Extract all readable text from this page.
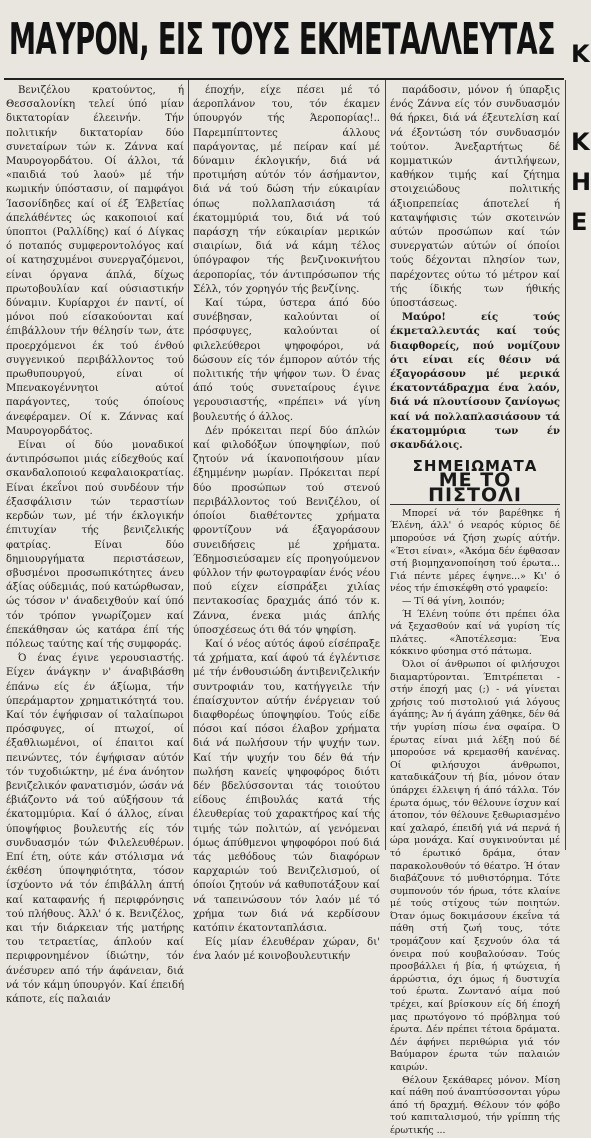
ΜΑΥΡΟΝ, ΕΙΣ ΤΟΥΣ ΕΚΜΕΤΑΛΛΕΥΤΑΣ

Βενιζέλου κρατούντος, ή Θεσσαλονίκη τελεί ύπό μίαν δικτατορίαν έλεεινήν. Τήν πολιτικήν δικτατορίαν δύο συνεταίρων τών κ. Ζάννα καί Μαυρογορδάτου. Οί άλλοι, τά «παιδιά τού λαού» μέ τήν κωμικήν ύπόστασιν, οί παμφάγοι Ίασονίδηδες καί οί έξ Έλβετίας άπελάθέντες ώς κακοποιοί καί ύποπτοι (Ραλλίδης) καί ό Δίγκας ό ποταπός συμφεροντολόγος καί οί κατησχυμένοι συνεργαζόμενοι, είναι όργανα άπλά, δίχως πρωτοβουλίαν καί ούσιαστικήν δύναμιν. Κυρίαρχοι έν παντί, οί μόνοι πού είσακούονται καί έπιβάλλουν τήν θέλησίν των, άτε προερχόμενοι έκ τού ένθού συγγενικού περιβάλλοντος τού πρωθυπουργού, είναι οί Μπενακογέννητοι αύτοί παράγοντες, τούς όποίους άνεφέραμεν. Οί κ. Ζάννας καί Μαυρογορδάτος.

Είναι οί δύο μοναδικοί άντιπρόσωποι μιάς είδεχθούς καί σκανδαλοποιού κεφαλαιοκρατίας. Είναι έκεΐνοι πού συνδέουν τήν έξασφάλισιν τών τεραστίων κερδών των, μέ τήν έκλογικήν έπιτυχίαν τής βενιζελικής φατρίας. Είναι δύο δημιουργήματα περιστάσεων, σβυσμένοι προσωπικότητες άνευ άξίας ούδεμιάς, πού κατώρθωσαν, ώς τόσον ν' άναδειχθούν καί ύπό τόν τρόπον γνωρίζομεν καί έπεκάθησαν ώς κατάρα έπί τής πόλεως ταύτης καί τής συμφοράς.

Ό ένας έγινε γερουσιαστής. Είχεν άνάγκην ν' άναβιβάσθη έπάνω είς έν άξίωμα, τήν ύπεράμαρτον χρηματικότητά του. Καί τόν έψήφισαν οί ταλαίπωροι πρόσφυγες, οί πτωχοί, οί έξαθλιωμένοι, οί έπαιτοι καί πεινώντες, τόν έψήφισαν αύτόν τόν τυχοδιώκτην, μέ ένα άνόητον βενιζελικόν φανατισμόν, ώσάν νά έβιάζοντο νά τού αύξήσουν τά έκατομμύρια. Καί ό άλλος, είναι ύποψήφιος βουλευτής είς τόν συνδυασμόν τών Φιλελευθέρων. Επί έτη, ούτε κάν στόλισμα νά έκθέση ύποψηφιότητα, τόσον ίσχύοντο νά τόν έπιβάλλη άπτή καί καταφανής ή περιφρόνησις τού πλήθους. Άλλ' ό κ. Βενιζέλος, και τήν διάρκειαν τής ματήρης του τετραετίας, άπλούν καί περιφρονημένον ίδιώτην, τόν άνέσυρεν από τήν άφάνειαν, διά νά τόν κάμη ύπουργόν. Καί έπειδή κάποτε, είς παλαιάν

έποχήν, είχε πέσει μέ τό άεροπλάνον του, τόν έκαμεν ύπουργόν τής Άεροπορίας!.. Παρεμπίπτοντες άλλους παράγοντας, μέ πείραν καί μέ δύναμιν έκλογικήν, διά νά προτιμήση αύτόν τόν άσήμαντον, διά νά τού δώση τήν εύκαιρίαν όπως πολλαπλασιάση τά έκατομμύριά του, διά νά τού παράσχη τήν εύκαιρίαν μερικών σιαιρίων, διά νά κάμη τέλος ύπόγραφον τής βενζινοκινήτου άεροπορίας, τόν άντιπρόσωπον τής Σέλλ, τόν χορηγόν τής βενζίνης.

Καί τώρα, ύστερα άπό δύο συνέβησαν, καλούνται οί πρόσφυγες, καλούνται οί φιλελεύθεροι ψηφοφόροι, νά δώσουν είς τόν έμπορον αύτόν τής πολιτικής τήν ψήφον των. Ό ένας άπό τούς συνεταίρους έγινε γερουσιαστής, «πρέπει» νά γίνη βουλευτής ό άλλος.

Δέν πρόκειται περί δύο άπλών καί φιλοδόξων ύποψηφίων, πού ζητούν νά ίκανοποιήσουν μίαν έξημμένην μωρίαν. Πρόκειται περί δύο προσώπων τού στενού περιβάλλοντος τού Βενιζέλου, οί όποίοι διαθέτοντες χρήματα φροντίζουν νά έξαγοράσουν συνειδήσεις μέ χρήματα. Έδημοσιεύσαμεν είς προηγούμενον φύλλον τήν φωτογραφίαν ένός νέου πού είχεν είσπράξει χιλίας πεντακοσίας δραχμάς άπό τόν κ. Ζάννα, ένεκα μιάς άπλής ύποσχέσεως ότι θά τόν ψηφίση.

Καί ό νέος αύτός άφού είσέπραξε τά χρήματα, καί άφού τά έγλέντισε μέ τήν ένθουσιώδη άντιβενιζελικήν συντροφιάν του, κατήγγειλε τήν έπαίσχυντον αύτήν ένέργειαν τού διαφθορέως ύποψηφίου. Τούς είδε πόσοι καί πόσοι έλαβον χρήματα διά νά πωλήσουν τήν ψυχήν των. Καί τήν ψυχήν του δέν θά τήν πωλήση κανείς ψηφοφόρος διότι δέν βδελύσσονται τάς τοιούτου είδους έπιβουλάς κατά τής έλευθερίας τού χαρακτήρος καί τής τιμής τών πολιτών, αί γενόμεναι όμως άπύθμενοι ψηφοφόροι πού διά τάς μεθόδους τών διαφόρων καρχαριών τού Βενιζελισμού, οί όποίοι ζητούν νά καθυποτάξουν καί νά ταπεινώσουν τόν λαόν μέ τό χρήμα των διά νά κερδίσουν κατόπιν έκατονταπλάσια.

Είς μίαν έλευθέραν χώραν, δι' ένα λαόν μέ κοινοβουλευτικήν

παράδοσιν, μόνον ή ύπαρξις ένός Ζάννα είς τόν συνδυασμόν θά ήρκει, διά νά έξευτελίση καί νά έξοντώση τόν συνδυασμόν τούτον. Άνεξαρτήτως δέ κομματικών άντιλήψεων, καθήκον τιμής καί ζήτημα στοιχειώδους πολιτικής άξιοπρεπείας άποτελεί ή καταψήφισις τών σκοτεινών αύτών προσώπων καί τών συνεργατών αύτών οί όποίοι τούς δέχονται πλησίον των, παρέχοντες ούτω τό μέτρον καί τής ίδικής των ήθικής ύποστάσεως.

Μαύρο! είς τούς έκμεταλλευτάς καί τούς διαφθορείς, πού νομίζουν ότι είναι είς θέσιν νά έξαγοράσουν μέ μερικά έκατοντάδραχμα ένα λαόν, διά νά πλουτίσουν ζανίογως καί νά πολλαπλασιάσουν τά έκατομμύρια των έν σκανδάλοις.

ΣΗΜΕΙΩΜΑΤΑ
ΜΕ ΤΟ ΠΙΣΤΟΛΙ

Μπορεί νά τόν βαρέθηκε ή Έλένη, άλλ' ό νεαρός κύριος δέ μπορούσε νά ζήση χωρίς αύτήν. «Έτσι είναι», «Άκόμα δέν έφθασαν στή βιομηχανοποίηση τού έρωτα... Γιά πέντε μέρες έψηνε...» Κι' ό νέος τήν έπισκέφθη στό γραφείο:

— Τί θά γίνη, λοιπόν;

Ή Έλένη τούπε ότι πρέπει όλα νά ξεχασθούν καί νά γυρίση τίς πλάτες. «Άποτέλεσμα: Ένα κόκκινο φύσημα στό πάτωμα.

Όλοι οί άνθρωποι οί φιλήσυχοι διαμαρτύρονται. Έπιτρέπεται - στήν έποχή μας (;) - νά γίνεται χρήσις τού πιστολιού γιά λόγους άγάπης; Άν ή άγάπη χάθηκε, δέν θά τήν γυρίση πίσω ένα σφαίρα. Ό έρωτας είναι μιά λέξη πού δέ μπορούσε νά κρεμασθή κανένας. Οί φιλήσυχοι άνθρωποι, καταδικάζουν τή βία, μόνον όταν ύπάρχει έλλειψη ή άπό τάλλα. Τόν έρωτα όμως, τόν θέλουνε ίσχυν καί άτοπον, τόν θέλουνε ξεθωριασμένο καί χαλαρό, έπειδή γιά νά περνά ή ώρα μονάχα. Καί συγκινούνται μέ τό έρωτικό δράμα, όταν παρακολουθούν τό θέατρο. Ή όταν διαβάζουνε τό μυθιστόρημα. Τότε συμπονούν τόν ήρωα, τότε κλαίνε μέ τούς στίχους τών ποιητών. Όταν όμως δοκιμάσουν έκεΐνα τά πάθη στή ζωή τους, τότε τρομάζουν καί ξεχνούν όλα τά όνειρα πού κουβαλούσαν. Τούς προσβάλλει ή βία, ή φτώχεια, ή άρρώστια, όχι όμως ή δυστυχία τού έρωτα. Ζωντανό αίμα πού τρέχει, καί βρίσκουν είς δή έποχή μας πρωτόγονο τό πρόβλημα τού έρωτα. Δέν πρέπει τέτοια δράματα. Δέν άφήνει περιθώρια γιά τόν Βαύμαρον έρωτα τών παλαιών καιρών.

Θέλουν ξεκάθαρες μόνον. Μίση καί πάθη πού άναπτύσσονται γύρω άπό τή δραχμή. Θέλουν τόν φόβο τού καπιταλισμού, τήν γρίππη τής έρωτικής ...

Κ
Κ
Η
Ε
